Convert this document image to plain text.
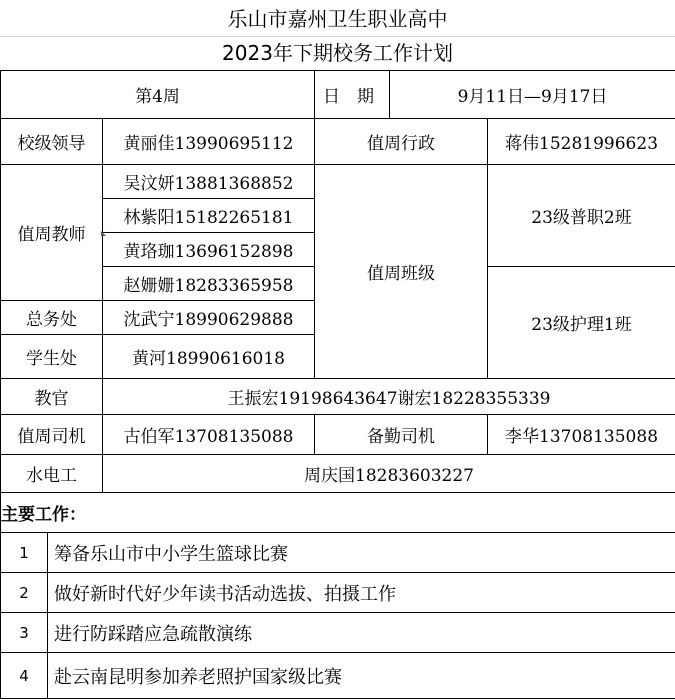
乐山市嘉州卫生职业高中
2023年下期校务工作计划
第4周			日　期	9月11日—9月17日	
校级领导		黄丽佳13990695112	值周行政		蒋伟15281996623
值周教师		吴汶妍13881368852	值周班级		23级普职2班
		林紫阳15182265181			
		黄珞珈13696152898			
		赵姗姗18283365958			23级护理1班
总务处		沈武宁18990629888			
学生处		黄河18990616018			
教官		王振宏19198643647谢宏18228355339			
值周司机		古伯军13708135088	备勤司机		李华13708135088
水电工		周庆国18283603227			
主要工作：					
1	筹备乐山市中小学生篮球比赛				
2	做好新时代好少年读书活动选拔、拍摄工作				
3	进行防踩踏应急疏散演练				
4	赴云南昆明参加养老照护国家级比赛				
